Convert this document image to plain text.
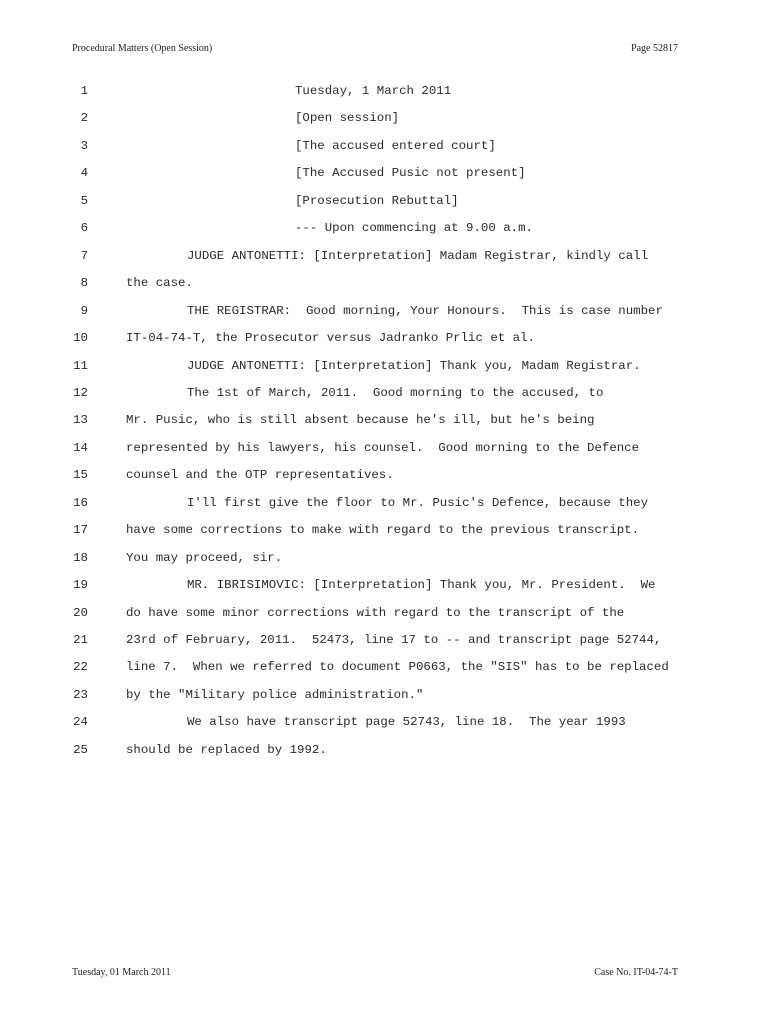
Procedural Matters (Open Session)	Page 52817
1	Tuesday, 1 March 2011
2	[Open session]
3	[The accused entered court]
4	[The Accused Pusic not present]
5	[Prosecution Rebuttal]
6	--- Upon commencing at 9.00 a.m.
7	JUDGE ANTONETTI: [Interpretation] Madam Registrar, kindly call
8	the case.
9	THE REGISTRAR:  Good morning, Your Honours.  This is case number
10	IT-04-74-T, the Prosecutor versus Jadranko Prlic et al.
11	JUDGE ANTONETTI: [Interpretation] Thank you, Madam Registrar.
12	The 1st of March, 2011.  Good morning to the accused, to
13	Mr. Pusic, who is still absent because he's ill, but he's being
14	represented by his lawyers, his counsel.  Good morning to the Defence
15	counsel and the OTP representatives.
16	I'll first give the floor to Mr. Pusic's Defence, because they
17	have some corrections to make with regard to the previous transcript.
18	You may proceed, sir.
19	MR. IBRISIMOVIC: [Interpretation] Thank you, Mr. President.  We
20	do have some minor corrections with regard to the transcript of the
21	23rd of February, 2011.  52473, line 17 to -- and transcript page 52744,
22	line 7.  When we referred to document P0663, the "SIS" has to be replaced
23	by the "Military police administration."
24	We also have transcript page 52743, line 18.  The year 1993
25	should be replaced by 1992.
Tuesday, 01 March 2011	Case No. IT-04-74-T
